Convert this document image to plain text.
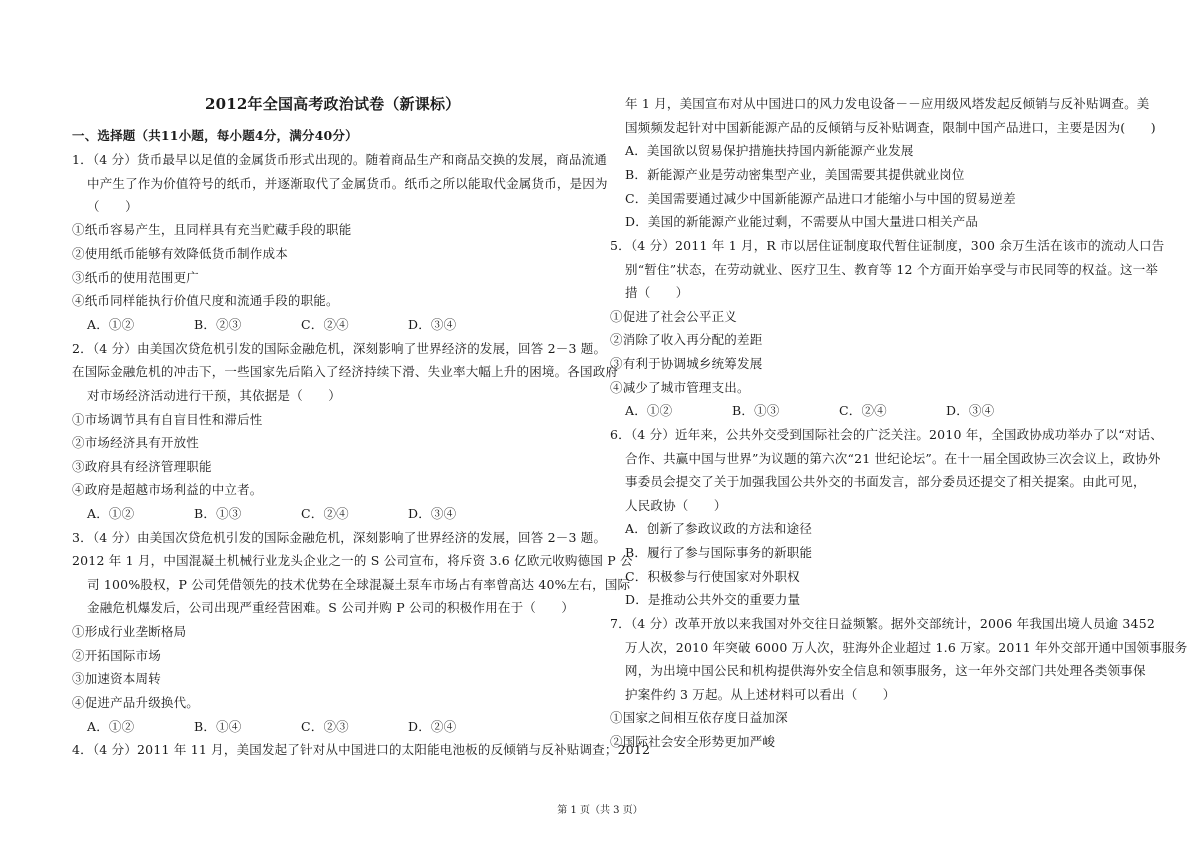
2012年全国高考政治试卷（新课标）
一、选择题（共11小题，每小题4分，满分40分）
1．（4 分）货币最早以足值的金属货币形式出现的。随着商品生产和商品交换的发展，商品流通
中产生了作为价值符号的纸币，并逐渐取代了金属货币。纸币之所以能取代金属货币，是因为
（　　）
①纸币容易产生，且同样具有充当贮藏手段的职能
②使用纸币能够有效降低货币制作成本
③纸币的使用范围更广
④纸币同样能执行价值尺度和流通手段的职能。
A．①②	B．②③	C．②④	D．③④
2．（4 分）由美国次贷危机引发的国际金融危机，深刻影响了世界经济的发展，回答 2－3 题。
在国际金融危机的冲击下，一些国家先后陷入了经济持续下滑、失业率大幅上升的困境。各国政府
对市场经济活动进行干预，其依据是（　　）
①市场调节具有自盲目性和滞后性
②市场经济具有开放性
③政府具有经济管理职能
④政府是超越市场利益的中立者。
A．①②	B．①③	C．②④	D．③④
3．（4 分）由美国次贷危机引发的国际金融危机，深刻影响了世界经济的发展，回答 2－3 题。
2012 年 1 月，中国混凝土机械行业龙头企业之一的 S 公司宣布，将斥资 3.6 亿欧元收购德国 P 公
司 100%股权，P 公司凭借领先的技术优势在全球混凝土泵车市场占有率曾高达 40%左右，国际
金融危机爆发后，公司出现严重经营困难。S 公司并购 P 公司的积极作用在于（　　）
①形成行业垄断格局
②开拓国际市场
③加速资本周转
④促进产品升级换代。
A．①②	B．①④	C．②③	D．②④
4．（4 分）2011 年 11 月，美国发起了针对从中国进口的太阳能电池板的反倾销与反补贴调查；2012
年 1 月，美国宣布对从中国进口的风力发电设备－－应用级风塔发起反倾销与反补贴调查。美
国频频发起针对中国新能源产品的反倾销与反补贴调查，限制中国产品进口，主要是因为(　　)
A．美国欲以贸易保护措施扶持国内新能源产业发展
B．新能源产业是劳动密集型产业，美国需要其提供就业岗位
C．美国需要通过减少中国新能源产品进口才能缩小与中国的贸易逆差
D．美国的新能源产业能过剩，不需要从中国大量进口相关产品
5．（4 分）2011 年 1 月，R 市以居住证制度取代暂住证制度，300 余万生活在该市的流动人口告
别“暂住”状态，在劳动就业、医疗卫生、教育等 12 个方面开始享受与市民同等的权益。这一举
措（　　）
①促进了社会公平正义
②消除了收入再分配的差距
③有利于协调城乡统筹发展
④减少了城市管理支出。
A．①②	B．①③	C．②④	D．③④
6．（4 分）近年来，公共外交受到国际社会的广泛关注。2010 年，全国政协成功举办了以“对话、
合作、共赢中国与世界”为议题的第六次“21 世纪论坛”。在十一届全国政协三次会议上，政协外
事委员会提交了关于加强我国公共外交的书面发言，部分委员还提交了相关提案。由此可见，
人民政协（　　）
A．创新了参政议政的方法和途径
B．履行了参与国际事务的新职能
C．积极参与行使国家对外职权
D．是推动公共外交的重要力量
7．（4 分）改革开放以来我国对外交往日益频繁。据外交部统计，2006 年我国出境人员逾 3452
万人次，2010 年突破 6000 万人次，驻海外企业超过 1.6 万家。2011 年外交部开通中国领事服务
网，为出境中国公民和机构提供海外安全信息和领事服务，这一年外交部门共处理各类领事保
护案件约 3 万起。从上述材料可以看出（　　）
①国家之间相互依存度日益加深
②国际社会安全形势更加严峻
第 1 页（共 3 页）
